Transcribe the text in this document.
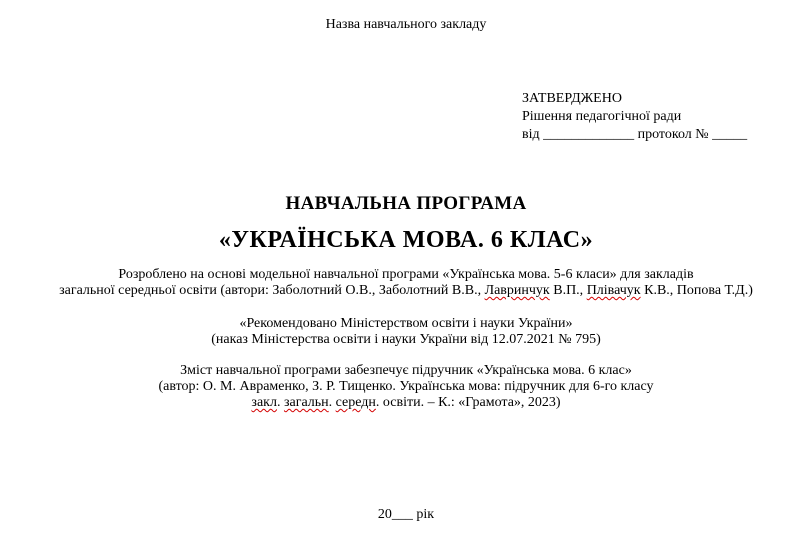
Назва навчального закладу
ЗАТВЕРДЖЕНО
Рішення педагогічної ради
від _____________ протокол № _____
НАВЧАЛЬНА ПРОГРАМА
«УКРАЇНСЬКА МОВА. 6 КЛАС»
Розроблено на основі модельної навчальної програми «Українська мова. 5-6 класи» для закладів
загальної середньої освіти (автори: Заболотний О.В., Заболотний В.В., Лавринчук В.П., Плівачук К.В., Попова Т.Д.)
«Рекомендовано Міністерством освіти і науки України»
(наказ Міністерства освіти і науки України від 12.07.2021 № 795)
Зміст навчальної програми забезпечує підручник «Українська мова. 6 клас»
(автор: О. М. Авраменко, З. Р. Тищенко. Українська мова: підручник для 6-го класу
закл. загальн. середн. освіти. – К.: «Грамота», 2023)
20___ рік
